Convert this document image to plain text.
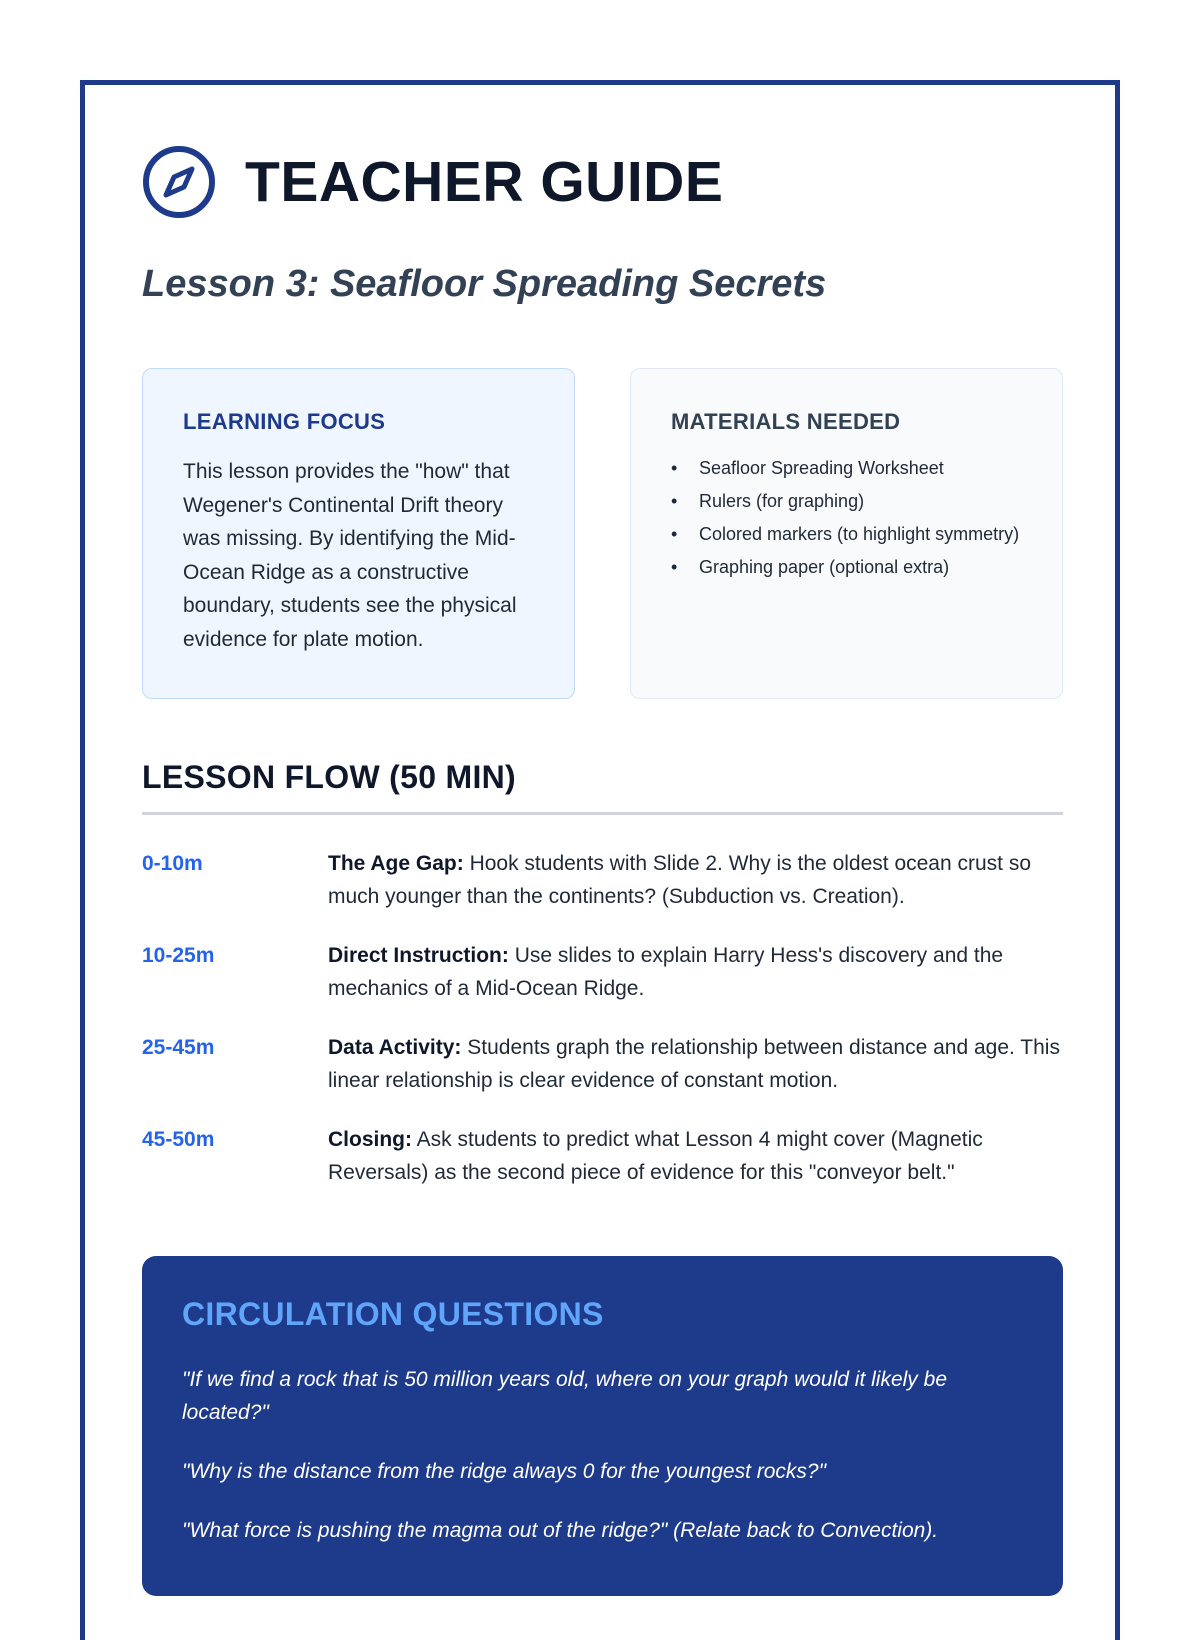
TEACHER GUIDE
Lesson 3: Seafloor Spreading Secrets
LEARNING FOCUS

This lesson provides the "how" that Wegener's Continental Drift theory was missing. By identifying the Mid-Ocean Ridge as a constructive boundary, students see the physical evidence for plate motion.

MATERIALS NEEDED
• Seafloor Spreading Worksheet
• Rulers (for graphing)
• Colored markers (to highlight symmetry)
• Graphing paper (optional extra)
LESSON FLOW (50 MIN)
0-10m	The Age Gap: Hook students with Slide 2. Why is the oldest ocean crust so much younger than the continents? (Subduction vs. Creation).
10-25m	Direct Instruction: Use slides to explain Harry Hess's discovery and the mechanics of a Mid-Ocean Ridge.
25-45m	Data Activity: Students graph the relationship between distance and age. This linear relationship is clear evidence of constant motion.
45-50m	Closing: Ask students to predict what Lesson 4 might cover (Magnetic Reversals) as the second piece of evidence for this "conveyor belt."
CIRCULATION QUESTIONS

"If we find a rock that is 50 million years old, where on your graph would it likely be located?"

"Why is the distance from the ridge always 0 for the youngest rocks?"

"What force is pushing the magma out of the ridge?" (Relate back to Convection).
